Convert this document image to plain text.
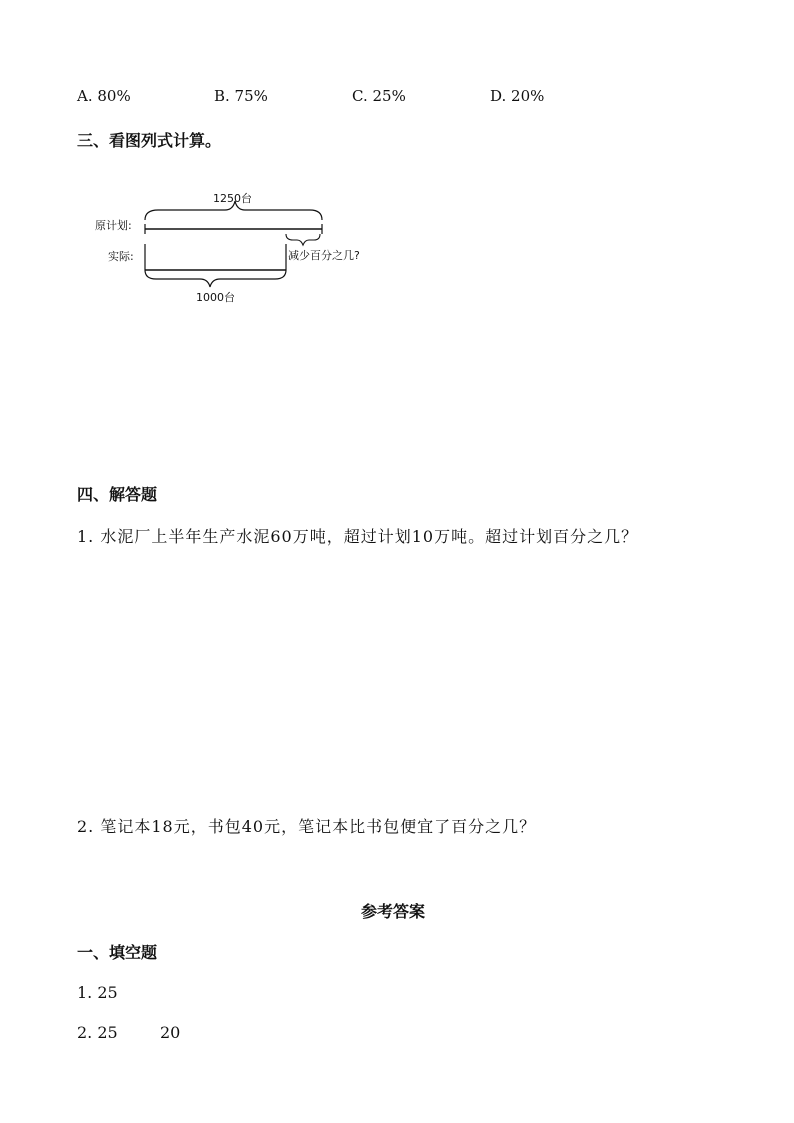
A. 80%	B. 75%	C. 25%	D. 20%
三、看图列式计算。
1250台
原计划:
减少百分之几?
实际:
1000台
四、解答题
1. 水泥厂上半年生产水泥60万吨，超过计划10万吨。超过计划百分之几？
2. 笔记本18元，书包40元，笔记本比书包便宜了百分之几？
参考答案
一、填空题
1. 25
2. 25	20
